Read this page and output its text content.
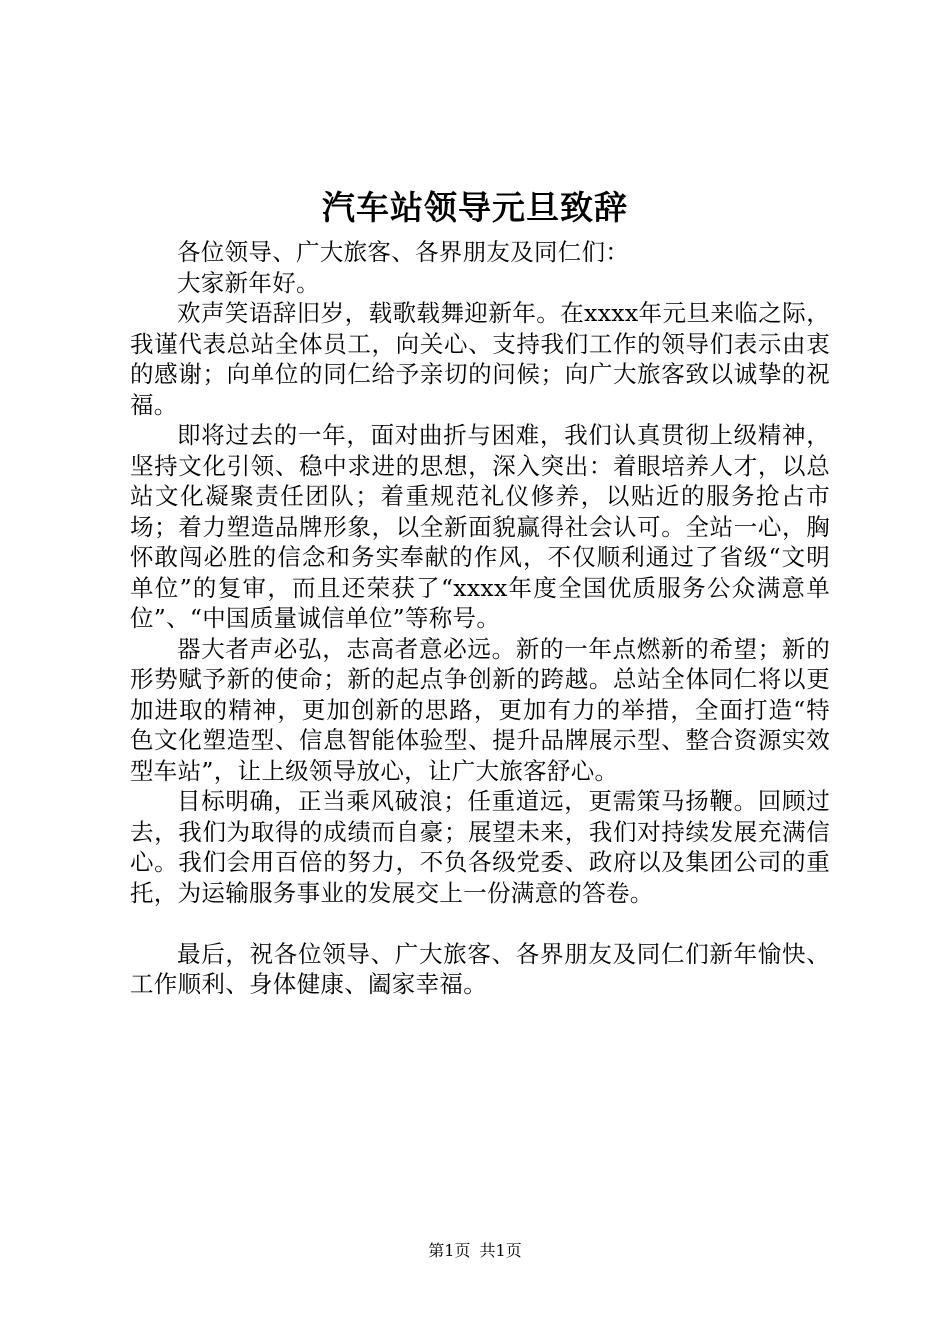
汽车站领导元旦致辞

各位领导、广大旅客、各界朋友及同仁们：

大家新年好。

欢声笑语辞旧岁，载歌载舞迎新年。在xxxx年元旦来临之际，我谨代表总站全体员工，向关心、支持我们工作的领导们表示由衷的感谢；向单位的同仁给予亲切的问候；向广大旅客致以诚挚的祝福。

即将过去的一年，面对曲折与困难，我们认真贯彻上级精神，坚持文化引领、稳中求进的思想，深入突出：着眼培养人才，以总站文化凝聚责任团队；着重规范礼仪修养，以贴近的服务抢占市场；着力塑造品牌形象，以全新面貌赢得社会认可。全站一心，胸怀敢闯必胜的信念和务实奉献的作风，不仅顺利通过了省级“文明单位”的复审，而且还荣获了“xxxx年度全国优质服务公众满意单位”、“中国质量诚信单位”等称号。

器大者声必弘，志高者意必远。新的一年点燃新的希望；新的形势赋予新的使命；新的起点争创新的跨越。总站全体同仁将以更加进取的精神，更加创新的思路，更加有力的举措，全面打造“特色文化塑造型、信息智能体验型、提升品牌展示型、整合资源实效型车站”，让上级领导放心，让广大旅客舒心。

目标明确，正当乘风破浪；任重道远，更需策马扬鞭。回顾过去，我们为取得的成绩而自豪；展望未来，我们对持续发展充满信心。我们会用百倍的努力，不负各级党委、政府以及集团公司的重托，为运输服务事业的发展交上一份满意的答卷。

最后，祝各位领导、广大旅客、各界朋友及同仁们新年愉快、工作顺利、身体健康、阖家幸福。

第1页 共1页
